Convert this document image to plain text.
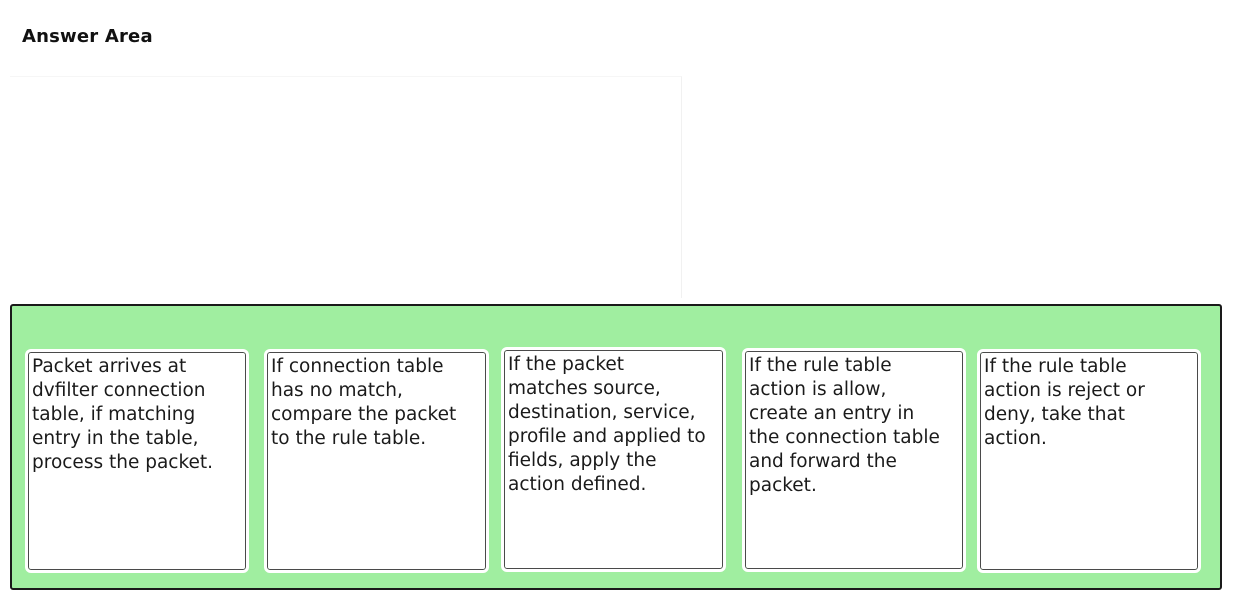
Answer Area
Packet arrives at
dvfilter connection
table, if matching
entry in the table,
process the packet.
If connection table
has no match,
compare the packet
to the rule table.
If the packet
matches source,
destination, service,
profile and applied to
fields, apply the
action defined.
If the rule table
action is allow,
create an entry in
the connection table
and forward the
packet.
If the rule table
action is reject or
deny, take that
action.
